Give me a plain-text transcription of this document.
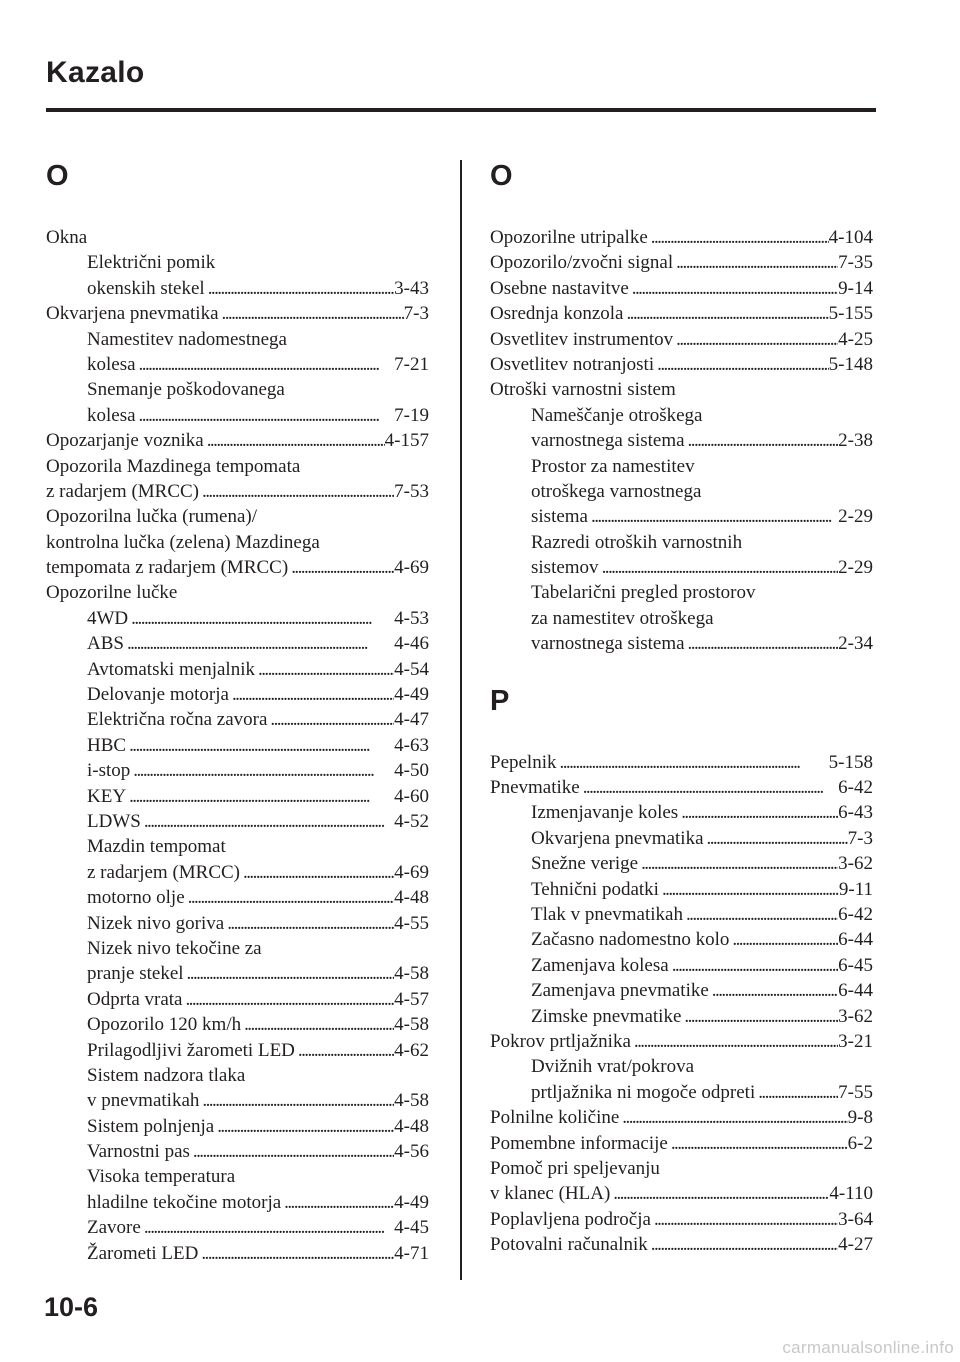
Kazalo
O
Okna
Električni pomik
okenskih stekel . . .	3-43
Okvarjena pnevmatika . . .	7-3
Namestitev nadomestnega
kolesa . . .	7-21
Snemanje poškodovanega
kolesa . . .	7-19
Opozarjanje voznika . . .	4-157
Opozorila Mazdinega tempomata
z radarjem (MRCC) . . .	7-53
Opozorilna lučka (rumena)/
kontrolna lučka (zelena) Mazdinega
tempomata z radarjem (MRCC) . . .	4-69
Opozorilne lučke
4WD . . .	4-53
ABS . . .	4-46
Avtomatski menjalnik . . .	4-54
Delovanje motorja . . .	4-49
Električna ročna zavora . . .	4-47
HBC . . .	4-63
i-stop . . .	4-50
KEY . . .	4-60
LDWS . . .	4-52
Mazdin tempomat
z radarjem (MRCC) . . .	4-69
motorno olje . . .	4-48
Nizek nivo goriva . . .	4-55
Nizek nivo tekočine za
pranje stekel . . .	4-58
Odprta vrata . . .	4-57
Opozorilo 120 km/h . . .	4-58
Prilagodljivi žarometi LED . . .	4-62
Sistem nadzora tlaka
v pnevmatikah . . .	4-58
Sistem polnjenja . . .	4-48
Varnostni pas . . .	4-56
Visoka temperatura
hladilne tekočine motorja . . .	4-49
Zavore . . .	4-45
Žarometi LED . . .	4-71
O
Opozorilne utripalke . . .	4-104
Opozorilo/zvočni signal . . .	7-35
Osebne nastavitve . . .	9-14
Osrednja konzola . . .	5-155
Osvetlitev instrumentov . . .	4-25
Osvetlitev notranjosti . . .	5-148
Otroški varnostni sistem
Nameščanje otroškega
varnostnega sistema . . .	2-38
Prostor za namestitev
otroškega varnostnega
sistema . . .	2-29
Razredi otroških varnostnih
sistemov . . .	2-29
Tabelarični pregled prostorov
za namestitev otroškega
varnostnega sistema . . .	2-34
P
Pepelnik . . .	5-158
Pnevmatike . . .	6-42
Izmenjavanje koles . . .	6-43
Okvarjena pnevmatika . . .	7-3
Snežne verige . . .	3-62
Tehnični podatki . . .	9-11
Tlak v pnevmatikah . . .	6-42
Začasno nadomestno kolo . . .	6-44
Zamenjava kolesa . . .	6-45
Zamenjava pnevmatike . . .	6-44
Zimske pnevmatike . . .	3-62
Pokrov prtljažnika . . .	3-21
Dvižnih vrat/pokrova
prtljažnika ni mogoče odpreti . . .	7-55
Polnilne količine . . .	9-8
Pomembne informacije . . .	6-2
Pomoč pri speljevanju
v klanec (HLA) . . .	4-110
Poplavljena področja . . .	3-64
Potovalni računalnik . . .	4-27
10-6
carmanualsonline.info
